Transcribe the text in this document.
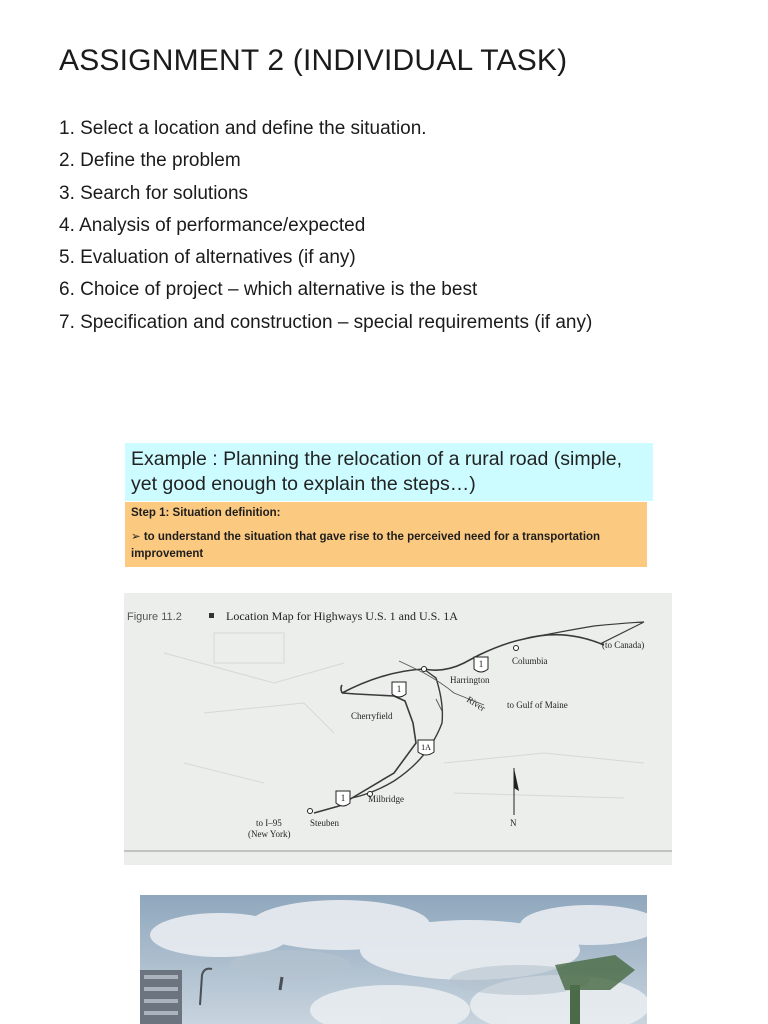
ASSIGNMENT 2 (INDIVIDUAL TASK)
1. Select a location and define the situation.
2. Define the problem
3. Search for solutions
4. Analysis of performance/expected
5. Evaluation of alternatives (if any)
6. Choice of project – which alternative is the best
7. Specification and construction – special requirements (if any)
Example : Planning the relocation of a rural road (simple, yet good enough to explain the steps…)
Step 1: Situation definition:
➢ to understand the situation that gave rise to the perceived need for a transportation improvement
Figure 11.2	Location Map for Highways U.S. 1 and U.S. 1A
1
1
1
1A
(to Canada)
Columbia
Harrington
River to Gulf of Maine
Cherryfield
Milbridge
to I–95
(New York)
Steuben	N
